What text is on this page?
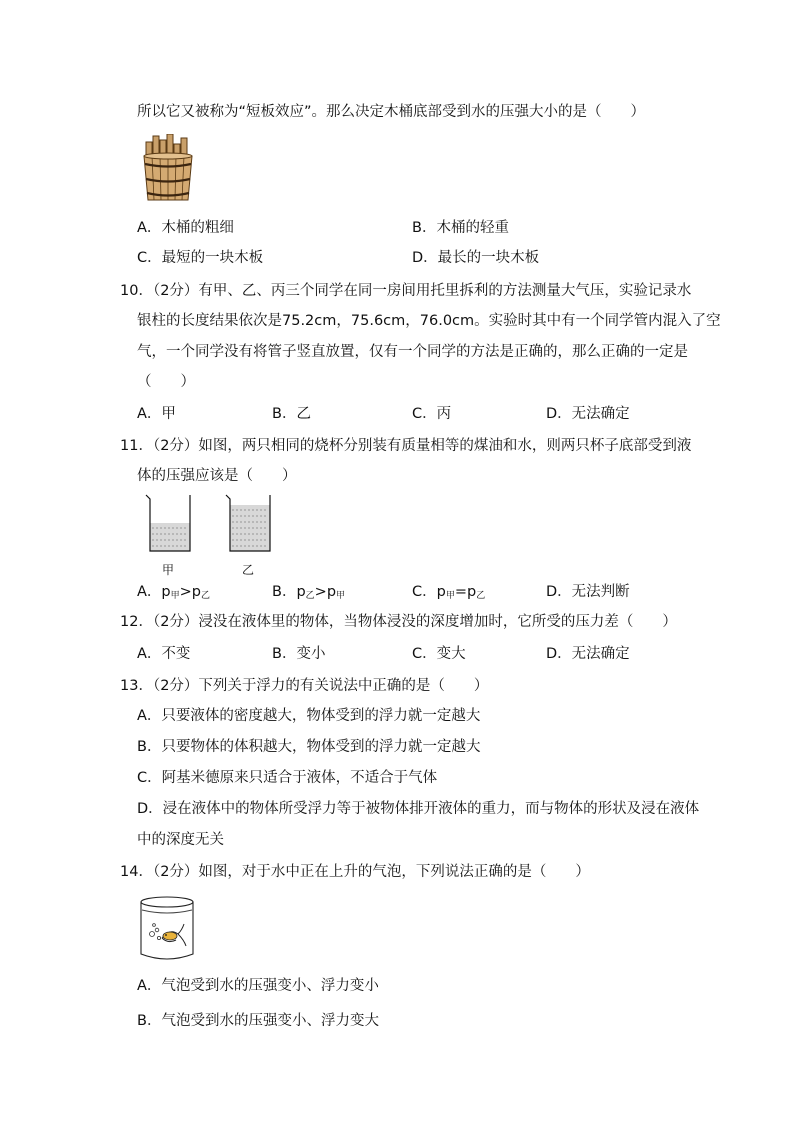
所以它又被称为“短板效应”。那么决定木桶底部受到水的压强大小的是（　　）
A．木桶的粗细	B．木桶的轻重
C．最短的一块木板	D．最长的一块木板
10．（2分）有甲、乙、丙三个同学在同一房间用托里拆利的方法测量大气压，实验记录水
银柱的长度结果依次是75.2cm，75.6cm，76.0cm。实验时其中有一个同学管内混入了空
气，一个同学没有将管子竖直放置，仅有一个同学的方法是正确的，那么正确的一定是
（　　）
A．甲	B．乙	C．丙	D．无法确定
11．（2分）如图，两只相同的烧杯分别装有质量相等的煤油和水，则两只杯子底部受到液
体的压强应该是（　　）
甲	乙
A．$p_甲>p_乙$	B．$p_乙>p_甲$	C．$p_甲=p_乙$	D．无法判断
12．（2分）浸没在液体里的物体，当物体浸没的深度增加时，它所受的压力差（　　）
A．不变	B．变小	C．变大	D．无法确定
13．（2分）下列关于浮力的有关说法中正确的是（　　）
A．只要液体的密度越大，物体受到的浮力就一定越大
B．只要物体的体积越大，物体受到的浮力就一定越大
C．阿基米德原来只适合于液体，不适合于气体
D．浸在液体中的物体所受浮力等于被物体排开液体的重力，而与物体的形状及浸在液体
中的深度无关
14．（2分）如图，对于水中正在上升的气泡，下列说法正确的是（　　）
A．气泡受到水的压强变小、浮力变小
B．气泡受到水的压强变小、浮力变大
